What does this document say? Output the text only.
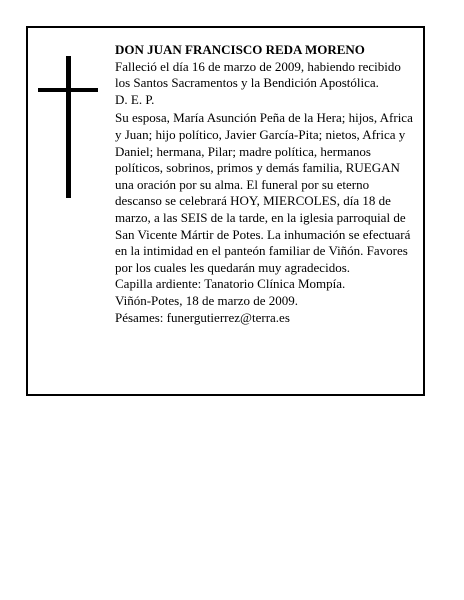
DON JUAN FRANCISCO REDA MORENO

Falleció el día 16 de marzo de 2009, habiendo recibido los Santos Sacramentos y la Bendición Apostólica.

D. E. P.

Su esposa, María Asunción Peña de la Hera; hijos, Africa y Juan; hijo político, Javier García-Pita; nietos, Africa y Daniel; hermana, Pilar; madre política, hermanos políticos, sobrinos, primos y demás familia, RUEGAN una oración por su alma. El funeral por su eterno descanso se celebrará HOY, MIERCOLES, día 18 de marzo, a las SEIS de la tarde, en la iglesia parroquial de San Vicente Mártir de Potes. La inhumación se efectuará en la intimidad en el panteón familiar de Viñón. Favores por los cuales les quedarán muy agradecidos.

Capilla ardiente: Tanatorio Clínica Mompía.

Viñón-Potes, 18 de marzo de 2009.

Pésames: funergutierrez@terra.es
